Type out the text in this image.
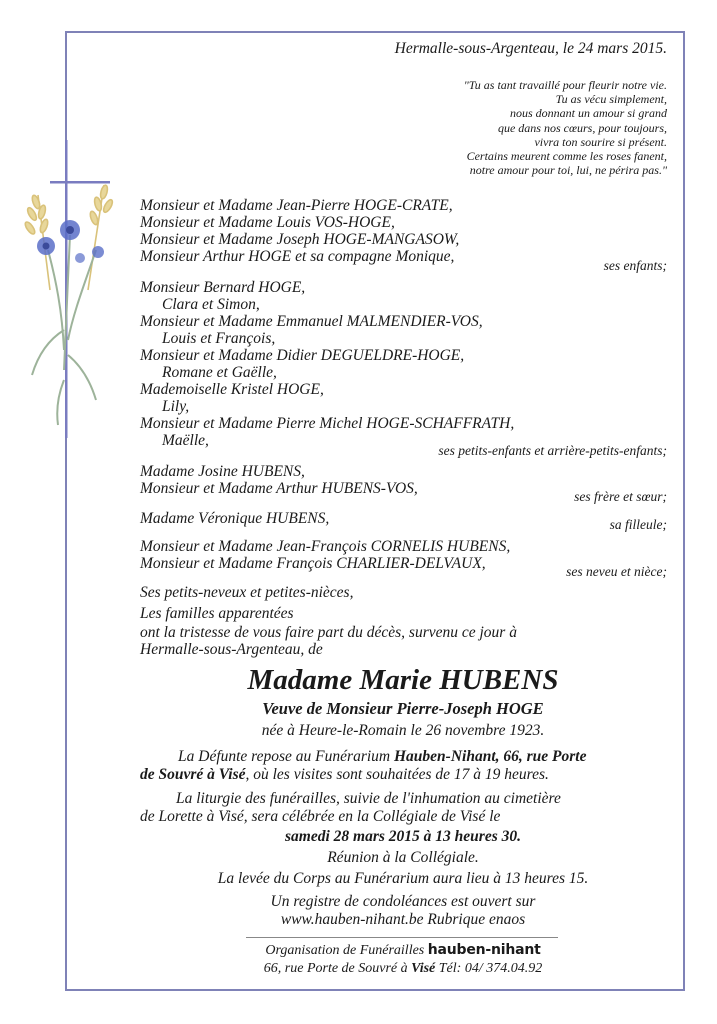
Hermalle-sous-Argenteau, le 24 mars 2015.
"Tu as tant travaillé pour fleurir notre vie.
Tu as vécu simplement,
nous donnant un amour si grand
que dans nos cœurs, pour toujours,
vivra ton sourire si présent.
Certains meurent comme les roses fanent,
notre amour pour toi, lui, ne périra pas."
Monsieur et Madame Jean-Pierre HOGE-CRATE,
Monsieur et Madame Louis VOS-HOGE,
Monsieur et Madame Joseph HOGE-MANGASOW,
Monsieur Arthur HOGE et sa compagne Monique,
ses enfants;
Monsieur Bernard HOGE,
Clara et Simon,
Monsieur et Madame Emmanuel MALMENDIER-VOS,
Louis et François,
Monsieur et Madame Didier DEGUELDRE-HOGE,
Romane et Gaëlle,
Mademoiselle Kristel HOGE,
Lily,
Monsieur et Madame Pierre Michel HOGE-SCHAFFRATH,
Maëlle,
ses petits-enfants et arrière-petits-enfants;
Madame Josine HUBENS,
Monsieur et Madame Arthur HUBENS-VOS,	ses frère et sœur;
Madame Véronique HUBENS,	sa filleule;
Monsieur et Madame Jean-François CORNELIS HUBENS,
Monsieur et Madame François CHARLIER-DELVAUX,	ses neveu et nièce;
Ses petits-neveux et petites-nièces,
Les familles apparentées
ont la tristesse de vous faire part du décès, survenu ce jour à
Hermalle-sous-Argenteau, de
Madame Marie HUBENS
Veuve de Monsieur Pierre-Joseph HOGE
née à Heure-le-Romain le 26 novembre 1923.
La Défunte repose au Funérarium Hauben-Nihant, 66, rue Porte
de Souvré à Visé, où les visites sont souhaitées de 17 à 19 heures.
La liturgie des funérailles, suivie de l'inhumation au cimetière
de Lorette à Visé, sera célébrée en la Collégiale de Visé le
samedi 28 mars 2015 à 13 heures 30.
Réunion à la Collégiale.
La levée du Corps au Funérarium aura lieu à 13 heures 15.
Un registre de condoléances est ouvert sur
www.hauben-nihant.be Rubrique enaos
Organisation de Funérailles hauben-nihant
66, rue Porte de Souvré à Visé Tél: 04/ 374.04.92
